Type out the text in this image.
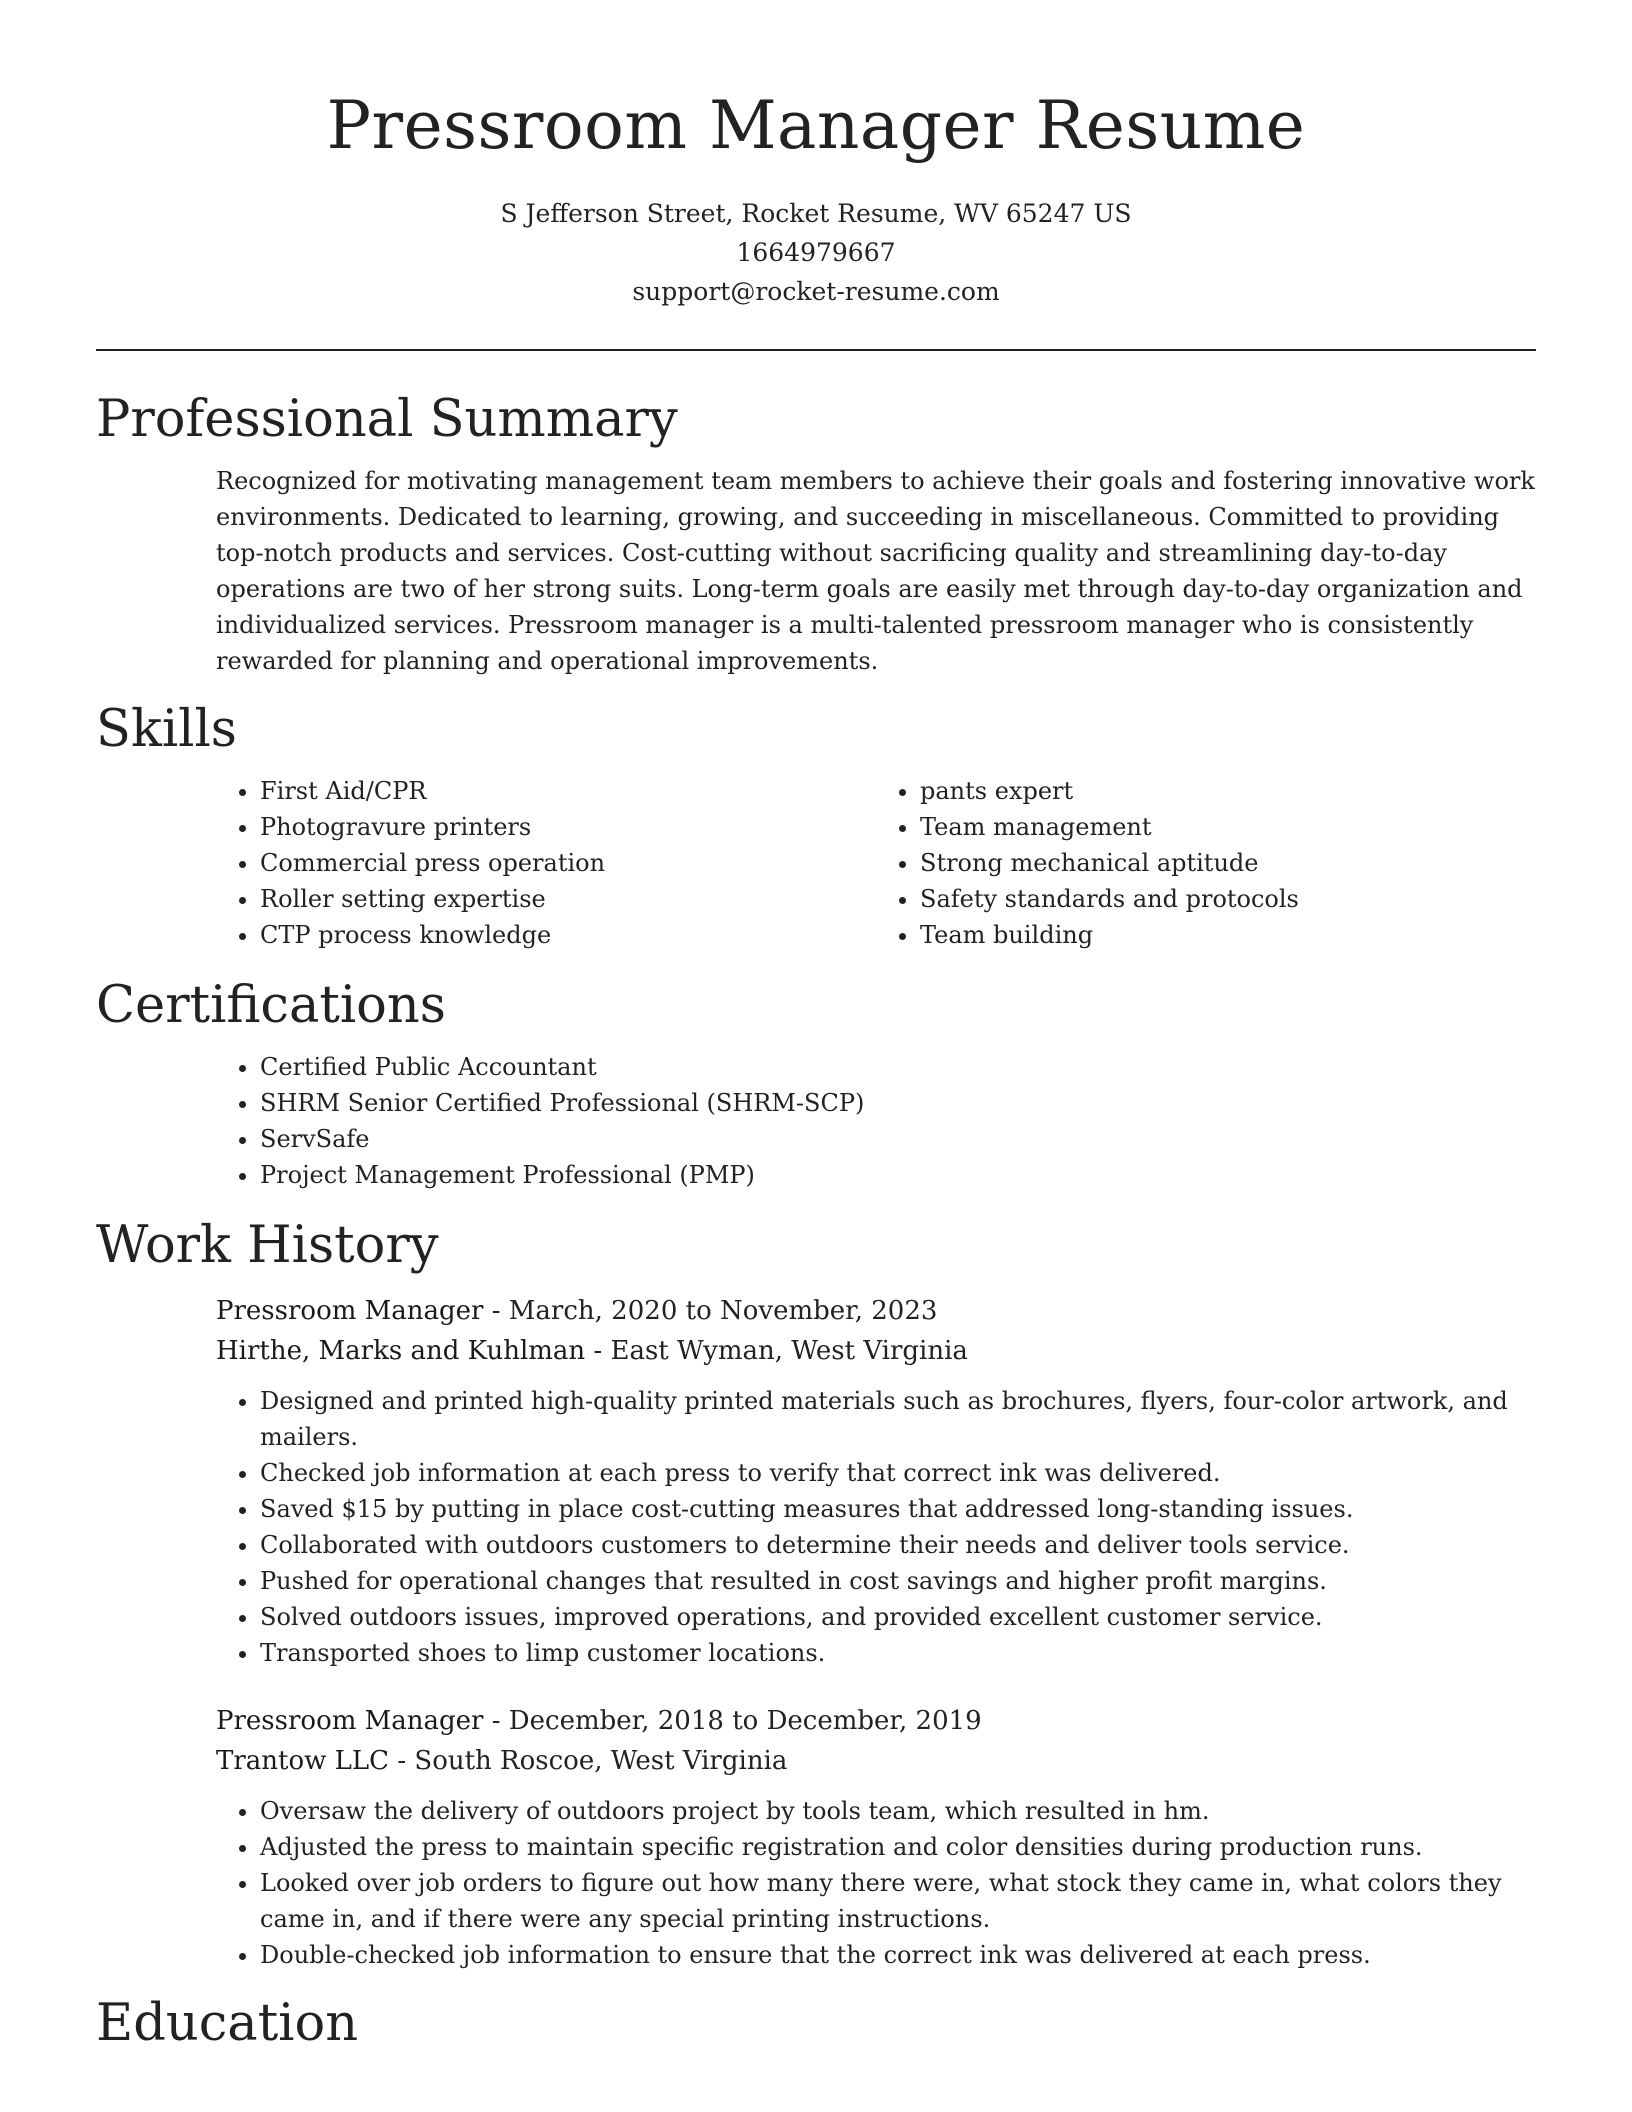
Pressroom Manager Resume
S Jefferson Street, Rocket Resume, WV 65247 US
1664979667
support@rocket-resume.com
Professional Summary

Recognized for motivating management team members to achieve their goals and fostering innovative work environments. Dedicated to learning, growing, and succeeding in miscellaneous. Committed to providing top-notch products and services. Cost-cutting without sacrificing quality and streamlining day-to-day operations are two of her strong suits. Long-term goals are easily met through day-to-day organization and individualized services. Pressroom manager is a multi-talented pressroom manager who is consistently rewarded for planning and operational improvements.

Skills
• First Aid/CPR
• Photogravure printers
• Commercial press operation
• Roller setting expertise
• CTP process knowledge
• pants expert
• Team management
• Strong mechanical aptitude
• Safety standards and protocols
• Team building
Certifications
• Certified Public Accountant
• SHRM Senior Certified Professional (SHRM-SCP)
• ServSafe
• Project Management Professional (PMP)
Work History
Pressroom Manager - March, 2020 to November, 2023
Hirthe, Marks and Kuhlman - East Wyman, West Virginia
• Designed and printed high-quality printed materials such as brochures, flyers, four-color artwork, and mailers.
• Checked job information at each press to verify that correct ink was delivered.
• Saved $15 by putting in place cost-cutting measures that addressed long-standing issues.
• Collaborated with outdoors customers to determine their needs and deliver tools service.
• Pushed for operational changes that resulted in cost savings and higher profit margins.
• Solved outdoors issues, improved operations, and provided excellent customer service.
• Transported shoes to limp customer locations.
Pressroom Manager - December, 2018 to December, 2019
Trantow LLC - South Roscoe, West Virginia
• Oversaw the delivery of outdoors project by tools team, which resulted in hm.
• Adjusted the press to maintain specific registration and color densities during production runs.
• Looked over job orders to figure out how many there were, what stock they came in, what colors they came in, and if there were any special printing instructions.
• Double-checked job information to ensure that the correct ink was delivered at each press.
Education
